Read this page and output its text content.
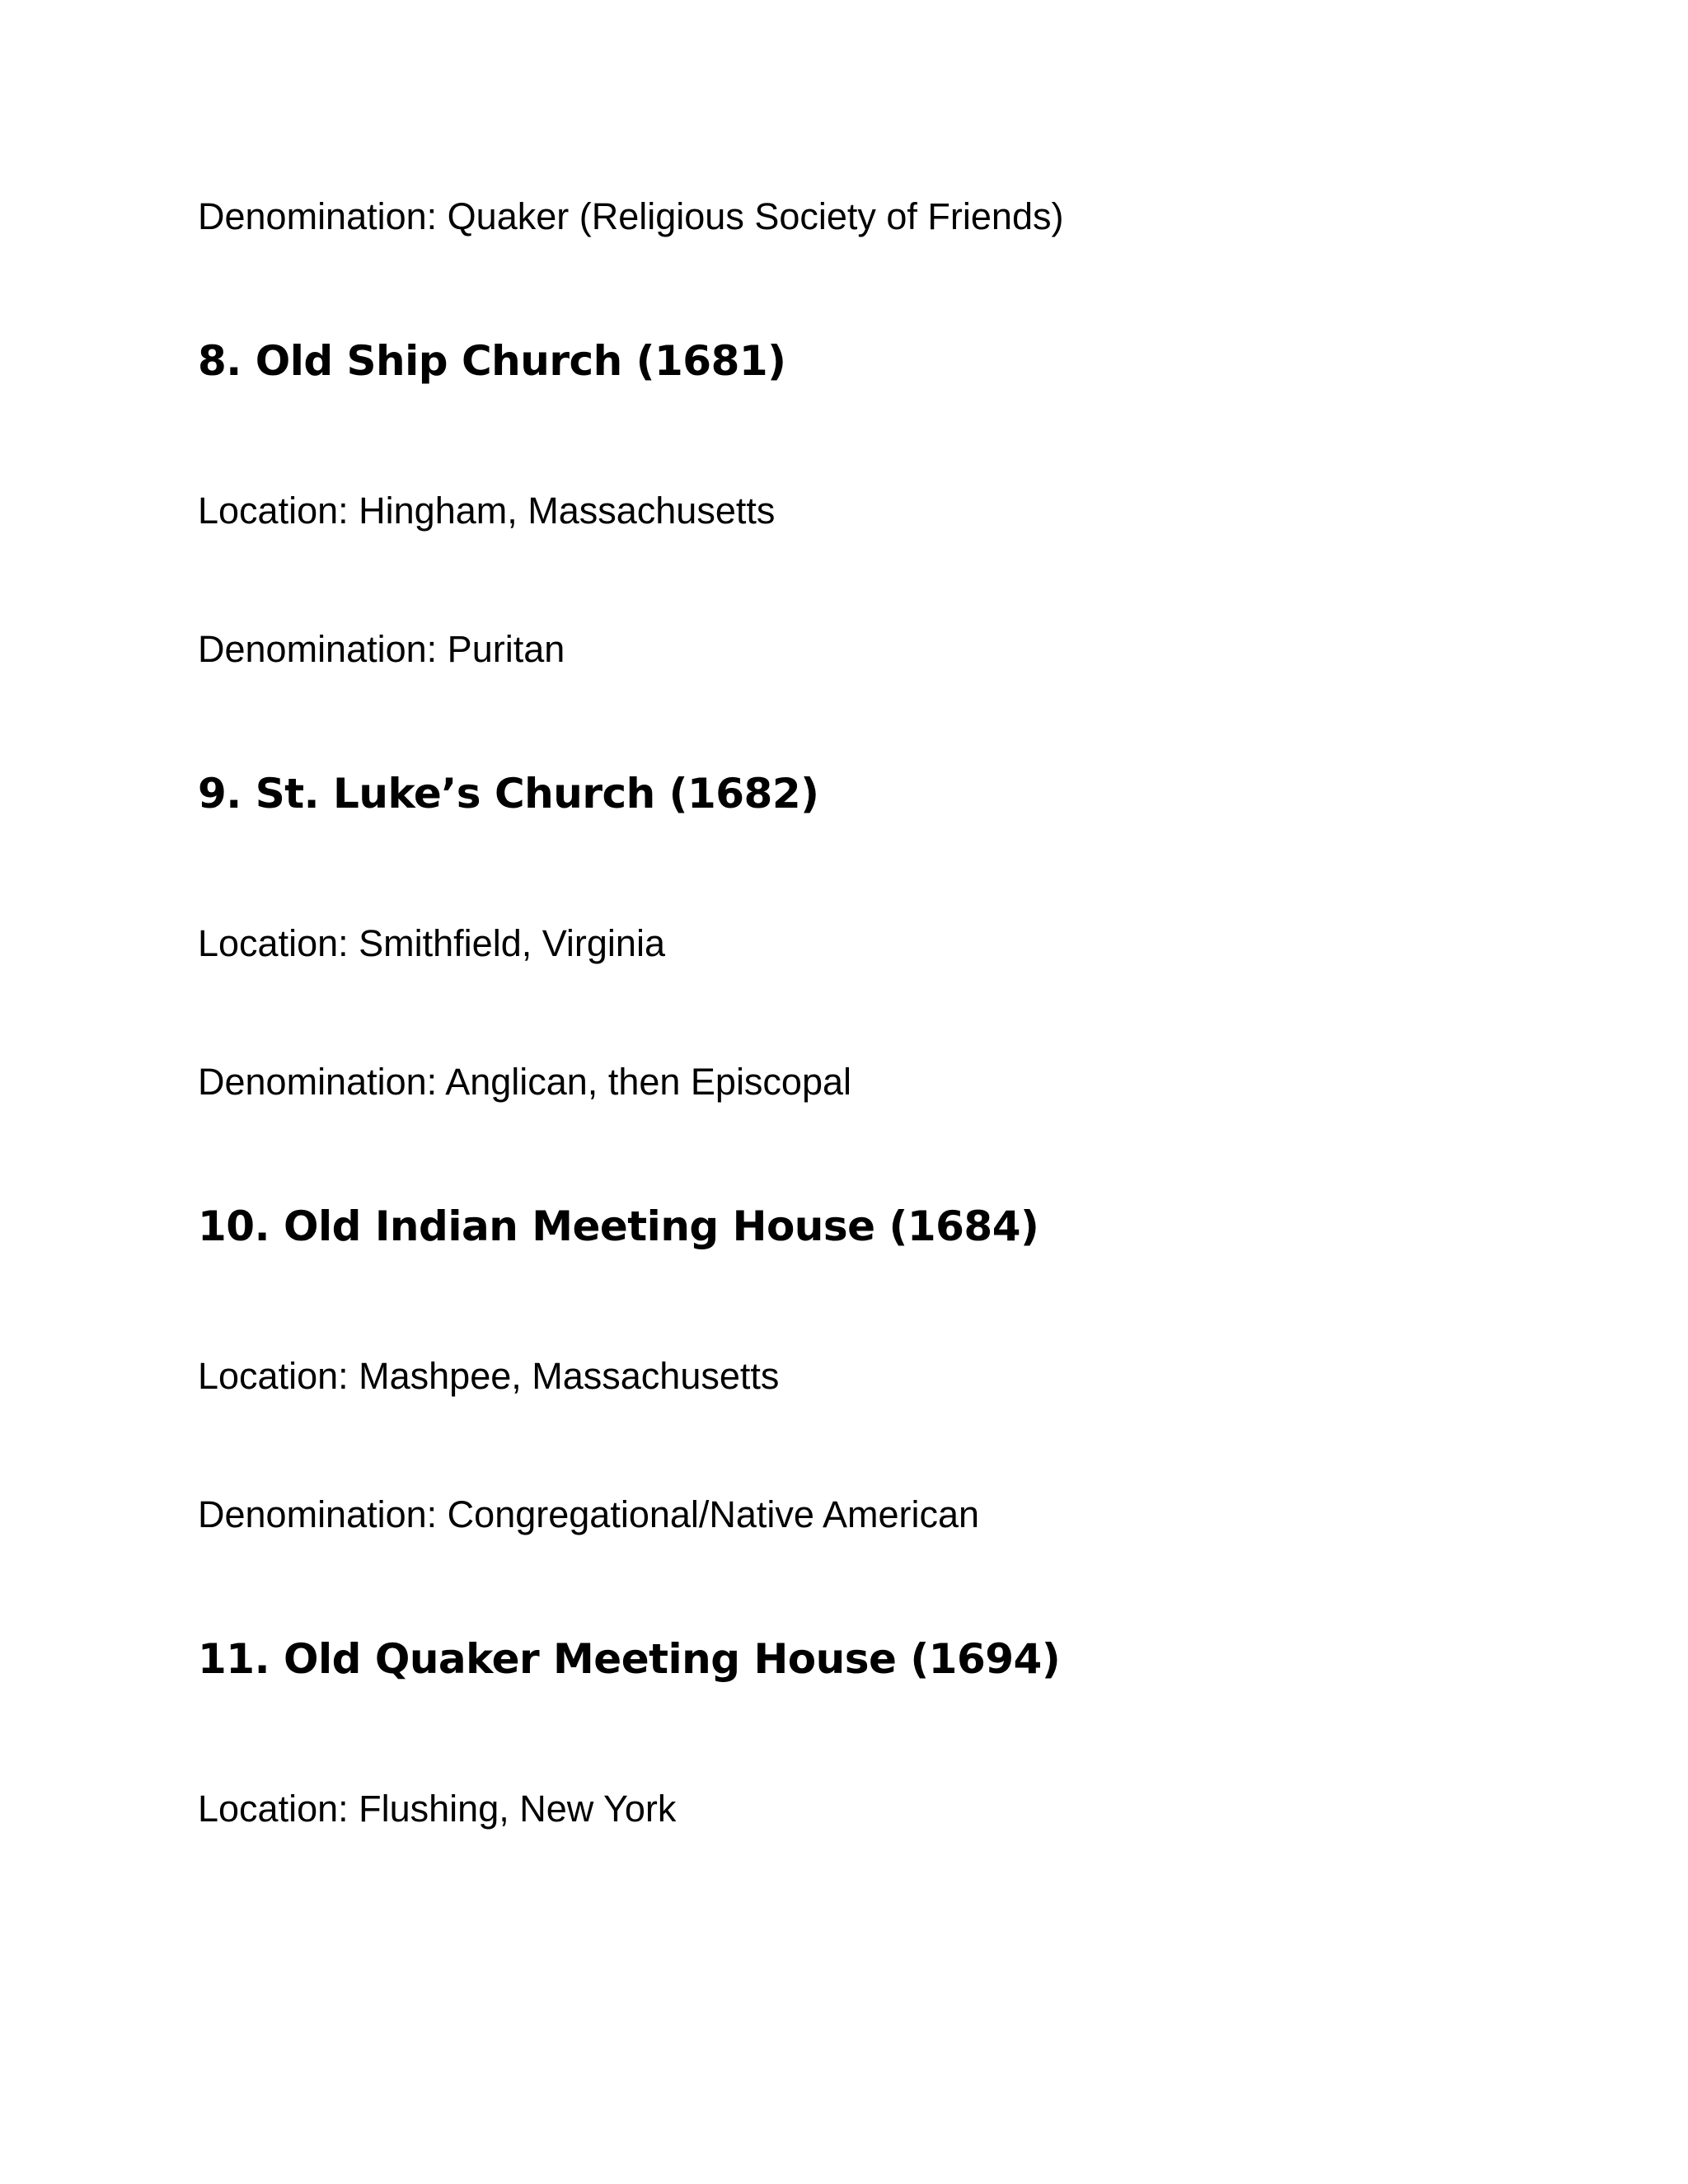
Denomination: Quaker (Religious Society of Friends)
8. Old Ship Church (1681)
Location: Hingham, Massachusetts
Denomination: Puritan
9. St. Luke’s Church (1682)
Location: Smithfield, Virginia
Denomination: Anglican, then Episcopal
10. Old Indian Meeting House (1684)
Location: Mashpee, Massachusetts
Denomination: Congregational/Native American
11. Old Quaker Meeting House (1694)
Location: Flushing, New York
